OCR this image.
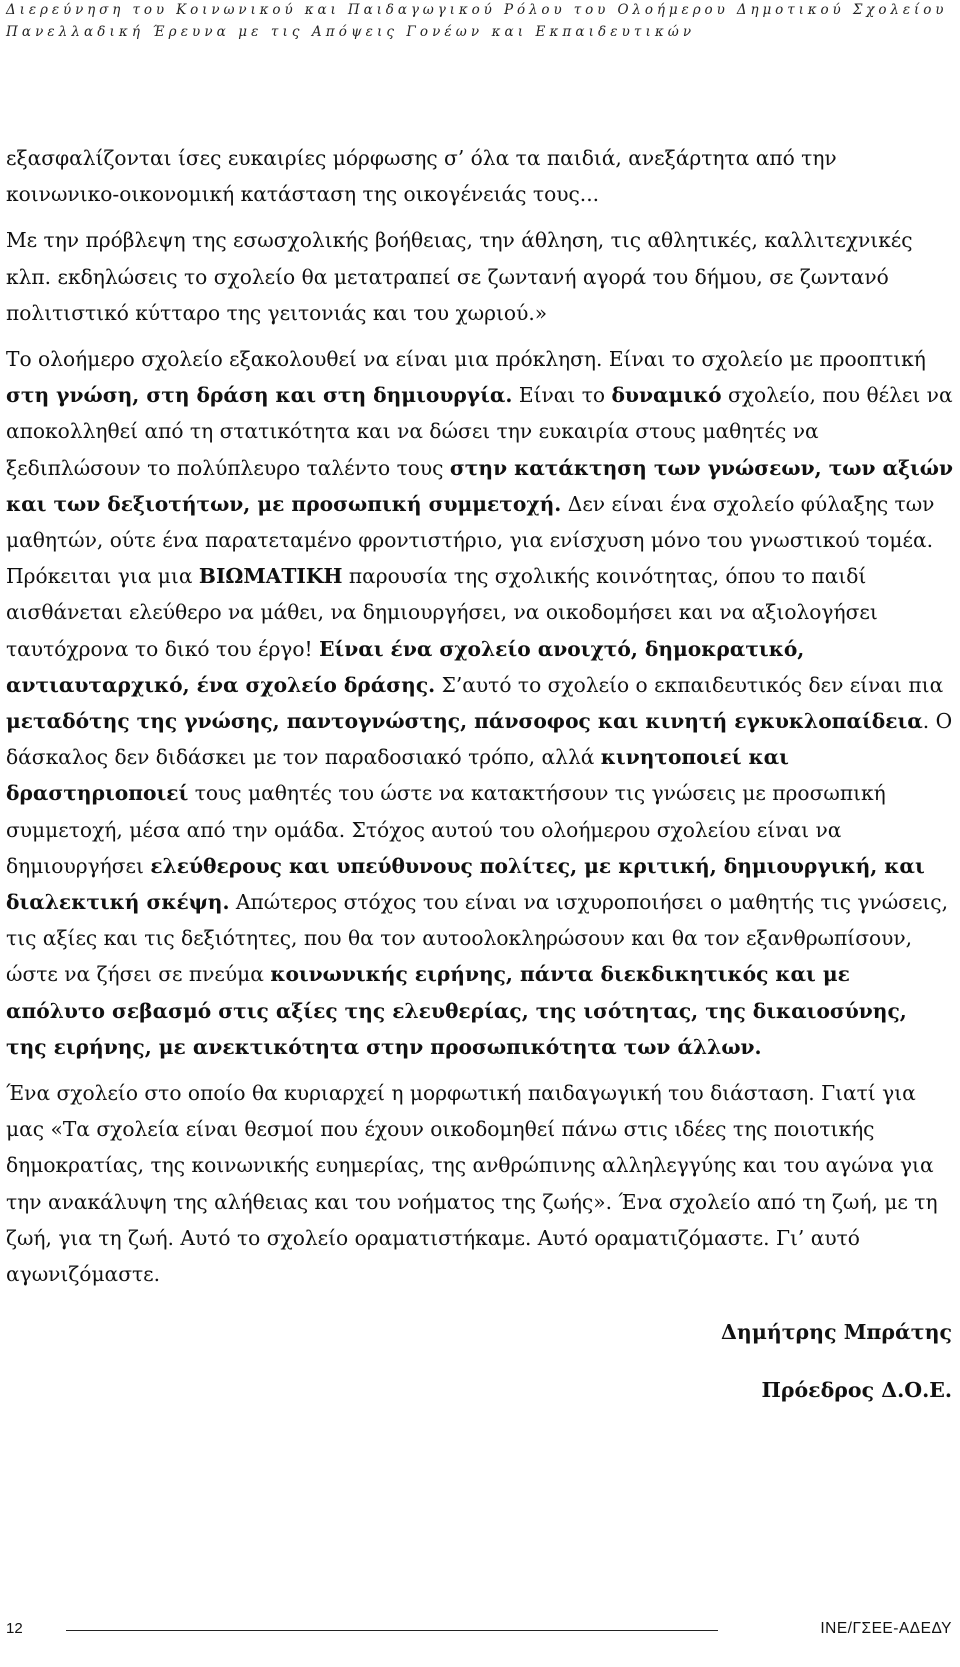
Διερεύνηση του Κοινωνικού και Παιδαγωγικού Ρόλου του Ολοήμερου Δημοτικού Σχολείου
Πανελλαδική Έρευνα με τις Απόψεις Γονέων και Εκπαιδευτικών

εξασφαλίζονται ίσες ευκαιρίες μόρφωσης σ’ όλα τα παιδιά, ανεξάρτητα από την κοινωνικο-οικονομική κατάσταση της οικογένειάς τους...

Με την πρόβλεψη της εσωσχολικής βοήθειας, την άθληση, τις αθλητικές, καλλιτεχνικές κλπ. εκδηλώσεις το σχολείο θα μετατραπεί σε ζωντανή αγορά του δήμου, σε ζωντανό πολιτιστικό κύτταρο της γειτονιάς και του χωριού.»

Το ολοήμερο σχολείο εξακολουθεί να είναι μια πρόκληση. Είναι το σχολείο με προοπτική στη γνώση, στη δράση και στη δημιουργία. Είναι το δυναμικό σχολείο, που θέλει να αποκολληθεί από τη στατικότητα και να δώσει την ευκαιρία στους μαθητές να ξεδιπλώσουν το πολύπλευρο ταλέντο τους στην κατάκτηση των γνώσεων, των αξιών και των δεξιοτήτων, με προσωπική συμμετοχή. Δεν είναι ένα σχολείο φύλαξης των μαθητών, ούτε ένα παρατεταμένο φροντιστήριο, για ενίσχυση μόνο του γνωστικού τομέα. Πρόκειται για μια ΒΙΩΜΑΤΙΚΗ παρουσία της σχολικής κοινότητας, όπου το παιδί αισθάνεται ελεύθερο να μάθει, να δημιουργήσει, να οικοδομήσει και να αξιολογήσει ταυτόχρονα το δικό του έργο! Είναι ένα σχολείο ανοιχτό, δημοκρατικό, αντιαυταρχικό, ένα σχολείο δράσης. Σ’αυτό το σχολείο ο εκπαιδευτικός δεν είναι πια μεταδότης της γνώσης, παντογνώστης, πάνσοφος και κινητή εγκυκλοπαίδεια. Ο δάσκαλος δεν διδάσκει με τον παραδοσιακό τρόπο, αλλά κινητοποιεί και δραστηριοποιεί τους μαθητές του ώστε να κατακτήσουν τις γνώσεις με προσωπική συμμετοχή, μέσα από την ομάδα. Στόχος αυτού του ολοήμερου σχολείου είναι να δημιουργήσει ελεύθερους και υπεύθυνους πολίτες, με κριτική, δημιουργική, και διαλεκτική σκέψη. Απώτερος στόχος του είναι να ισχυροποιήσει ο μαθητής τις γνώσεις, τις αξίες και τις δεξιότητες, που θα τον αυτοολοκληρώσουν και θα τον εξανθρωπίσουν, ώστε να ζήσει σε πνεύμα κοινωνικής ειρήνης, πάντα διεκδικητικός και με απόλυτο σεβασμό στις αξίες της ελευθερίας, της ισότητας, της δικαιοσύνης, της ειρήνης, με ανεκτικότητα στην προσωπικότητα των άλλων.

Ένα σχολείο στο οποίο θα κυριαρχεί η μορφωτική παιδαγωγική του διάσταση. Γιατί για μας «Τα σχολεία είναι θεσμοί που έχουν οικοδομηθεί πάνω στις ιδέες της ποιοτικής δημοκρατίας, της κοινωνικής ευημερίας, της ανθρώπινης αλληλεγγύης και του αγώνα για την ανακάλυψη της αλήθειας και του νοήματος της ζωής». Ένα σχολείο από τη ζωή, με τη ζωή, για τη ζωή. Αυτό το σχολείο οραματιστήκαμε. Αυτό οραματιζόμαστε. Γι’ αυτό αγωνιζόμαστε.

Δημήτρης Μπράτης
Πρόεδρος Δ.Ο.Ε.
12	ΙΝΕ/ΓΣΕΕ-ΑΔΕΔΥ
